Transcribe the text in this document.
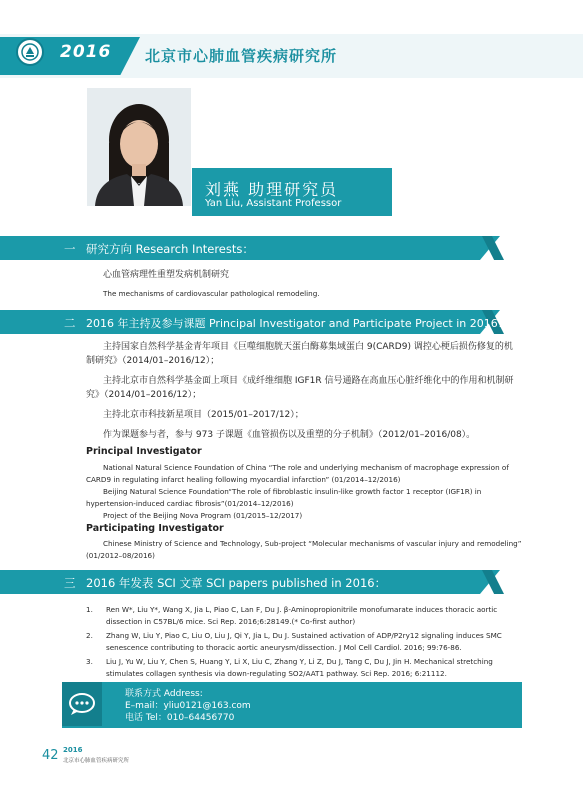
2016 北京市心肺血管疾病研究所
刘燕 助理研究员
Yan Liu, Assistant Professor
一 研究方向 Research Interests：
心血管病理性重塑发病机制研究
The mechanisms of cardiovascular pathological remodeling.
二 2016 年主持及参与课题 Principal Investigator and Participate Project in 2016：
主持国家自然科学基金青年项目《巨噬细胞胱天蛋白酶募集域蛋白 9(CARD9) 调控心梗后损伤修复的机
制研究》（2014/01–2016/12）；
主持北京市自然科学基金面上项目《成纤维细胞 IGF1R 信号通路在高血压心脏纤维化中的作用和机制研
究》（2014/01–2016/12）；
主持北京市科技新星项目（2015/01–2017/12）；
作为课题参与者，参与 973 子课题《血管损伤以及重塑的分子机制》（2012/01–2016/08）。
Principal Investigator
National Natural Science Foundation of China “The role and underlying mechanism of macrophage expression of
CARD9 in regulating infarct healing following myocardial infarction” (01/2014–12/2016)
Beijing Natural Science Foundation“The role of fibroblastic insulin-like growth factor 1 receptor (IGF1R) in
hypertension-induced cardiac fibrosis”(01/2014–12/2016)
Project of the Beijing Nova Program (01/2015–12/2017)
Participating Investigator
Chinese Ministry of Science and Technology, Sub-project “Molecular mechanisms of vascular injury and remodeling”
(01/2012–08/2016)
三 2016 年发表 SCI 文章 SCI papers published in 2016：
1. Ren W*, Liu Y*, Wang X, Jia L, Piao C, Lan F, Du J. β-Aminopropionitrile monofumarate induces thoracic aortic
dissection in C57BL/6 mice. Sci Rep. 2016;6:28149.(* Co-first author)
2. Zhang W, Liu Y, Piao C, Liu O, Liu J, Qi Y, Jia L, Du J. Sustained activation of ADP/P2ry12 signaling induces SMC
senescence contributing to thoracic aortic aneurysm/dissection. J Mol Cell Cardiol. 2016; 99:76-86.
3. Liu J, Yu W, Liu Y, Chen S, Huang Y, Li X, Liu C, Zhang Y, Li Z, Du J, Tang C, Du J, Jin H. Mechanical stretching
stimulates collagen synthesis via down-regulating SO2/AAT1 pathway. Sci Rep. 2016; 6:21112.
联系方式 Address:
E–mail：yliu0121@163.com
电话 Tel：010–64456770
42 2016
北京市心肺血管疾病研究所
